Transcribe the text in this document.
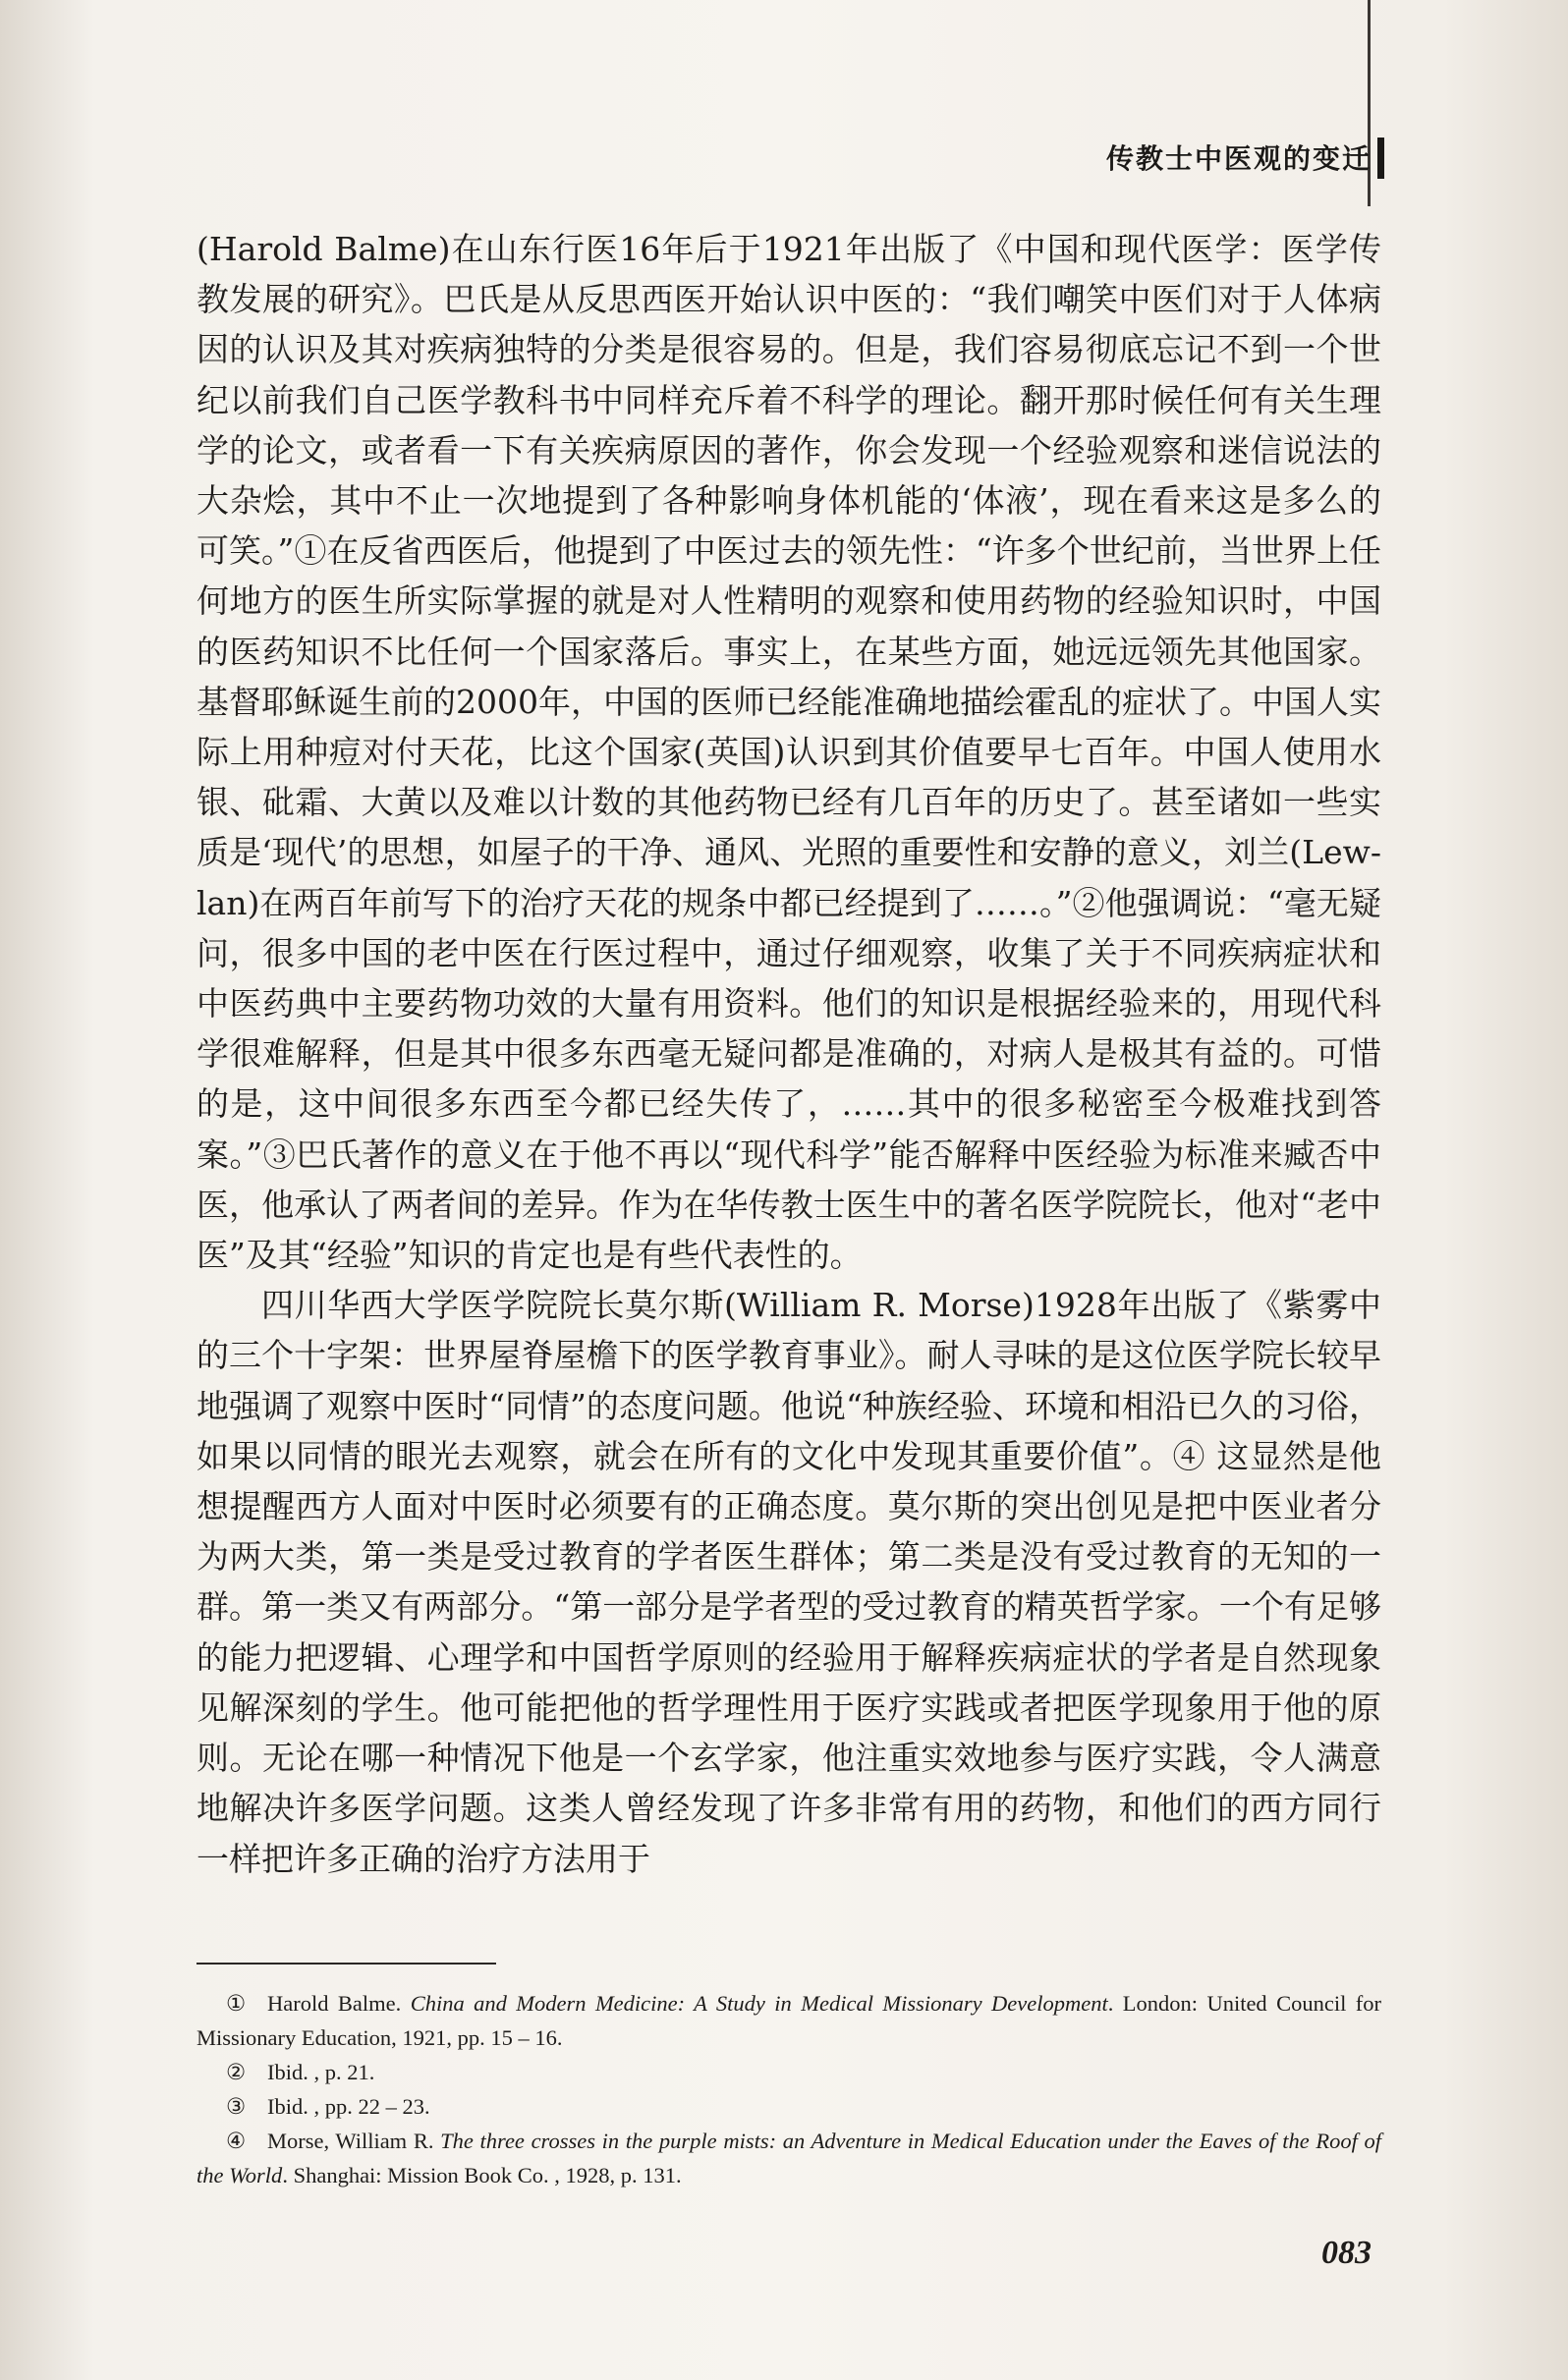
传教士中医观的变迁

(Harold Balme)在山东行医16年后于1921年出版了《中国和现代医学：医学传教发展的研究》。巴氏是从反思西医开始认识中医的：“我们嘲笑中医们对于人体病因的认识及其对疾病独特的分类是很容易的。但是，我们容易彻底忘记不到一个世纪以前我们自己医学教科书中同样充斥着不科学的理论。翻开那时候任何有关生理学的论文，或者看一下有关疾病原因的著作，你会发现一个经验观察和迷信说法的大杂烩，其中不止一次地提到了各种影响身体机能的‘体液’，现在看来这是多么的可笑。”①在反省西医后，他提到了中医过去的领先性：“许多个世纪前，当世界上任何地方的医生所实际掌握的就是对人性精明的观察和使用药物的经验知识时，中国的医药知识不比任何一个国家落后。事实上，在某些方面，她远远领先其他国家。基督耶稣诞生前的2000年，中国的医师已经能准确地描绘霍乱的症状了。中国人实际上用种痘对付天花，比这个国家(英国)认识到其价值要早七百年。中国人使用水银、砒霜、大黄以及难以计数的其他药物已经有几百年的历史了。甚至诸如一些实质是‘现代’的思想，如屋子的干净、通风、光照的重要性和安静的意义，刘兰(Lew-lan)在两百年前写下的治疗天花的规条中都已经提到了……。”②他强调说：“毫无疑问，很多中国的老中医在行医过程中，通过仔细观察，收集了关于不同疾病症状和中医药典中主要药物功效的大量有用资料。他们的知识是根据经验来的，用现代科学很难解释，但是其中很多东西毫无疑问都是准确的，对病人是极其有益的。可惜的是，这中间很多东西至今都已经失传了，……其中的很多秘密至今极难找到答案。”③巴氏著作的意义在于他不再以“现代科学”能否解释中医经验为标准来臧否中医，他承认了两者间的差异。作为在华传教士医生中的著名医学院院长，他对“老中医”及其“经验”知识的肯定也是有些代表性的。

四川华西大学医学院院长莫尔斯(William R. Morse)1928年出版了《紫雾中的三个十字架：世界屋脊屋檐下的医学教育事业》。耐人寻味的是这位医学院长较早地强调了观察中医时“同情”的态度问题。他说“种族经验、环境和相沿已久的习俗，如果以同情的眼光去观察，就会在所有的文化中发现其重要价值”。④ 这显然是他想提醒西方人面对中医时必须要有的正确态度。莫尔斯的突出创见是把中医业者分为两大类，第一类是受过教育的学者医生群体；第二类是没有受过教育的无知的一群。第一类又有两部分。“第一部分是学者型的受过教育的精英哲学家。一个有足够的能力把逻辑、心理学和中国哲学原则的经验用于解释疾病症状的学者是自然现象见解深刻的学生。他可能把他的哲学理性用于医疗实践或者把医学现象用于他的原则。无论在哪一种情况下他是一个玄学家，他注重实效地参与医疗实践，令人满意地解决许多医学问题。这类人曾经发现了许多非常有用的药物，和他们的西方同行一样把许多正确的治疗方法用于

① Harold Balme. China and Modern Medicine: A Study in Medical Missionary Development. London: United Council for Missionary Education, 1921, pp. 15 – 16.

② Ibid. , p. 21.

③ Ibid. , pp. 22 – 23.

④ Morse, William R. The three crosses in the purple mists: an Adventure in Medical Education under the Eaves of the Roof of the World. Shanghai: Mission Book Co. , 1928, p. 131.

083
